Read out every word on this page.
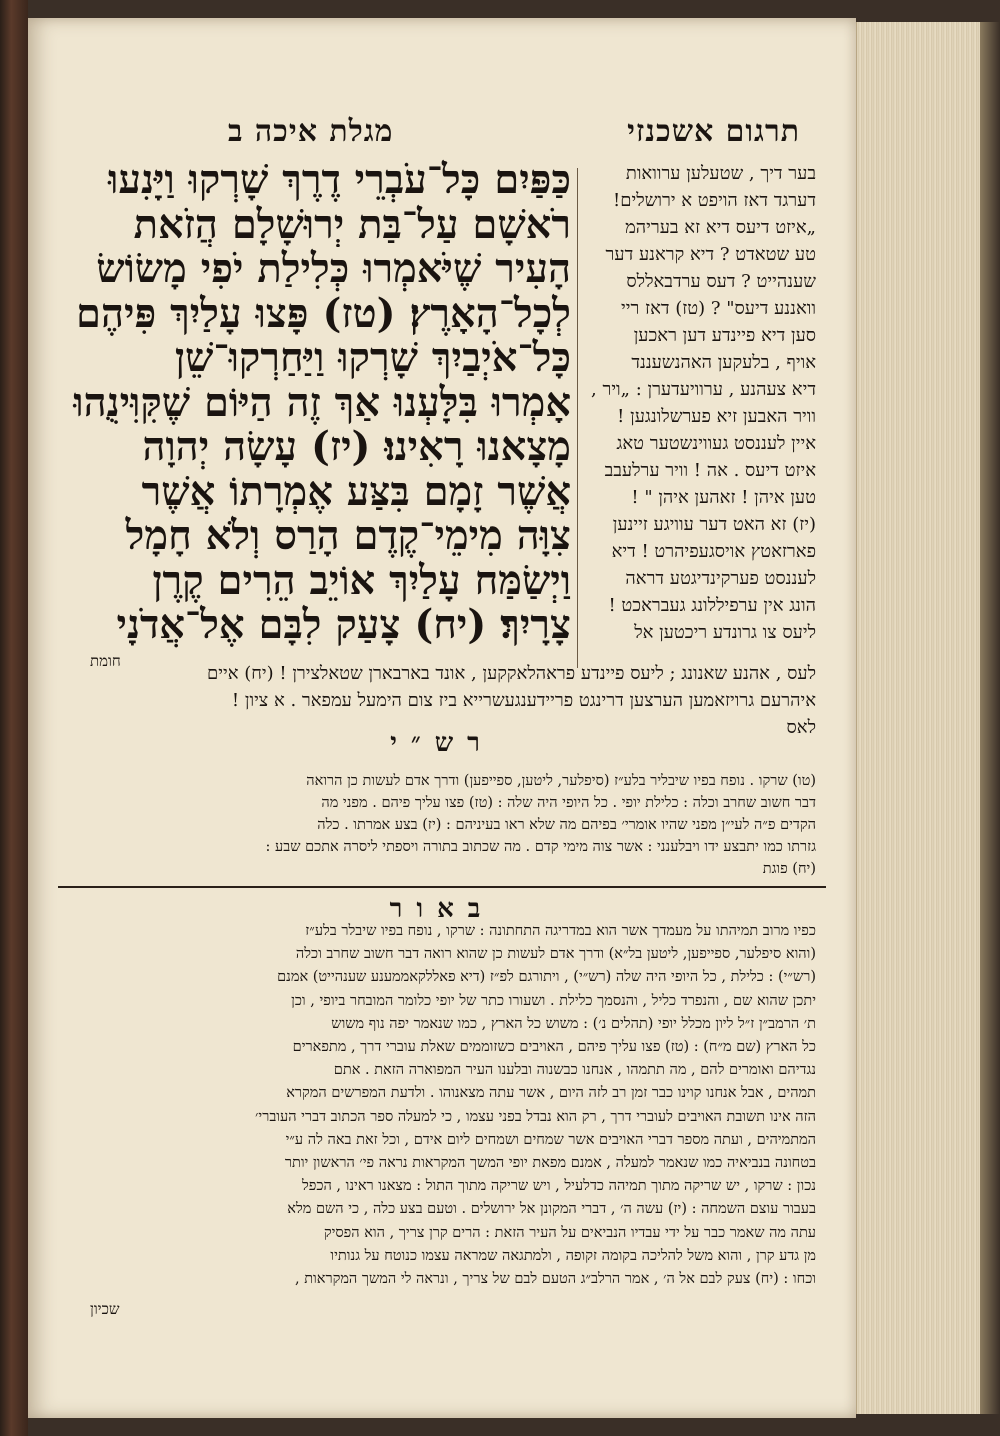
תרגום אשכנזי
מגלת איכה ב
בער דיך , שטעלען ערוואות
דערגד דאז הויפט א ירושלים!
„איזט דיעס דיא זא בעריהמ
טע שטאדט ? דיא קראנע דער
שענהייט ? דעס ערדבאללס
וואננע דיעס" ? (טז) דאז ריי
סען דיא פיינדע דען ראכען
אויף , בלעקען האהנשעננד
דיא צעהנע , ערוויעדערן : „ויר ,
וויר האבען זיא פערשלונגען !
איין לעננסט געווינשטער טאג
איזט דיעס . אה ! וויר ערלעבב
טען איהן ! זאהען איהן " !
(יז) זא האט דער עוויגע זיינען
פארזאטץ אויסגעפיהרט ! דיא
לעננסט פערקינדיגטע דראה
הונג אין ערפיללונג געבראכט !
ליעס צו גרונדע ריכטען אל
כַּפַּיִם כָּל־עֹבְרֵי דֶרֶךְ שָׁרְקוּ וַיָּנִעוּ
רֹאשָׁם עַל־בַּת יְרוּשָׁלָם הֲזֹאת
הָעִיר שֶׁיֹּאמְרוּ כְּלִילַת יֹפִי מָשׂוֹשׂ
לְכָל־הָאָרֶץ׃ (טז) פָּצוּ עָלַיִךְ פִּיהֶם
כָּל־אֹיְבַיִךְ שָׁרְקוּ וַיַּחַרְקוּ־שֵׁן
אָמְרוּ בִּלָּעְנוּ אַךְ זֶה הַיּוֹם שֶׁקִּוִּינֻהוּ
מָצָאנוּ רָאִינוּ׃ (יז) עָשָׂה יְהוָה
אֲשֶׁר זָמָם בִּצַּע אֶמְרָתוֹ אֲשֶׁר
צִוָּה מִימֵי־קֶדֶם הָרַס וְלֹא חָמָל
וַיְשַׂמַּח עָלַיִךְ אוֹיֵב הֵרִים קֶרֶן
צָרָיִךְ׃ (יח) צָעַק לִבָּם אֶל־אֲדֹנָי
חומת
לעס , אהנע שאנונג ; ליעס פיינדע פראהלאקקען , אונד בארבארן שטאלצירן ! (יח) איים
איהרעם גרויזאמען הערצען דרינגט פריידענגעשרייא ביז צום הימעל עמפאר . א ציון !
לאס
רש״י
(טו) שרקו . נופח בפיו שיבליר בלע״ז (סיפלער, ליטען, ספייפען) ודרך אדם לעשות כן הרואה
דבר חשוב שחרב וכלה : כלילת יופי . כל היופי היה שלה : (טז) פצו עליך פיהם . מפני מה
הקדים פ״ה לעי״ן מפני שהיו אומרי׳ בפיהם מה שלא ראו בעיניהם : (יז) בצע אמרתו . כלה
גזרתו כמו יתבצע ידו ויבלענני : אשר צוה מימי קדם . מה שכתוב בתורה ויספתי ליסרה אתכם שבע :
(יח) פוגת
באור
כפיו מרוב תמיהתו על מעמדך אשר הוא במדריגה התחתונה : שרקו , נופח בפיו שיבלר בלע״ז
(והוא סיפלער, ספייפען, ליטען בל״א) ודרך אדם לעשות כן שהוא רואה דבר חשוב שחרב וכלה
(רש״י) : כלילת , כל היופי היה שלה (רש״י) , ויתורגם לפ״ז (דיא פאללקאממענע שענהייט) אמנם
יתכן שהוא שם , והנפרד כליל , והנסמך כלילת . ושעורו כתר של יופי כלומר המובחר ביופי , וכן
ת׳ הרמב״ן ז״ל ליון מכלל יופי (תהלים נ׳) : משוש כל הארץ , כמו שנאמר יפה נוף משוש
כל הארץ (שם מ״ח) : (טז) פצו עליך פיהם , האויבים כשזוממים שאלת עוברי דרך , מתפארים
נגדיהם ואומרים להם , מה תתמהו , אנחנו כבשנוה ובלענו העיר המפוארה הזאת . אתם
תמהים , אבל אנחנו קוינו כבר זמן רב לזה היום , אשר עתה מצאנוהו . ולדעת המפרשים המקרא
הזה אינו תשובת האויבים לעוברי דרך , רק הוא נבדל בפני עצמו , כי למעלה ספר הכתוב דברי העוברי׳
המתמיהים , ועתה מספר דברי האויבים אשר שמחים ושמחים ליום אידם , וכל זאת באה לה ע״י
בטחונה בנביאיה כמו שנאמר למעלה , אמנם מפאת יופי המשך המקראות נראה פי׳ הראשון יותר
נכון : שרקו , יש שריקה מתוך תמיהה כדלעיל , ויש שריקה מתוך התול : מצאנו ראינו , הכפל
בעבור עוצם השמחה : (יז) עשה ה׳ , דברי המקונן אל ירושלים . וטעם בצע כלה , כי השם מלא
עתה מה שאמר כבר על ידי עבדיו הנביאים על העיר הזאת : הרים קרן צריך , הוא הפסיק
מן גדע קרן , והוא משל להליכה בקומה זקופה , ולמתגאה שמראה עצמו כנוטח על גנותיו
וכחו : (יח) צעק לבם אל ה׳ , אמר הרלב״ג הטעם לבם של צריך , ונראה לי המשך המקראות ,
שכיון
